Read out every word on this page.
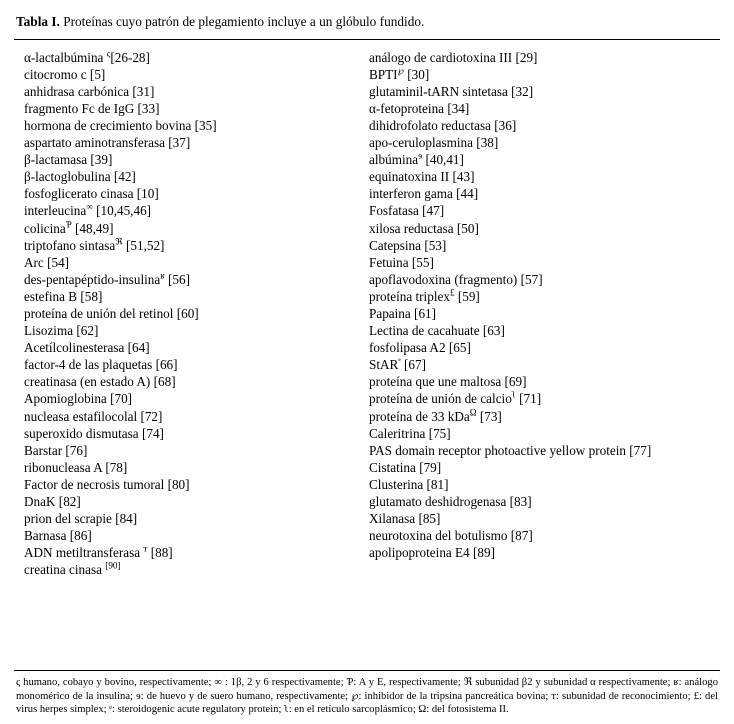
Tabla I. Proteínas cuyo patrón de plegamiento incluye a un glóbulo fundido.
α-lactalbúmina $^\varsigma$[26-28]
citocromo c [5]
anhidrasa carbónica [31]
fragmento Fc de IgG [33]
hormona de crecimiento bovina [35]
aspartato aminotransferasa [37]
β-lactamasa [39]
β-lactoglobulina [42]
fosfoglicerato cinasa [10]
interleucina∞ [10,45,46]
colicina$^Ƥ$ [48,49]
triptofano sintasa$^ℜ$ [51,52]
Arc [54]
des-pentapéptido-insulina$^ʁ$ [56]
estefina B [58]
proteína de unión del retinol [60]
Lisozima [62]
Acetílcolinesterasa [64]
factor-4 de las plaquetas [66]
creatinasa (en estado A) [68]
Apomioglobina [70]
nucleasa estafilocolal [72]
superoxido dismutasa [74]
Barstar [76]
ribonucleasa A [78]
Factor de necrosis tumoral [80]
DnaK [82]
prion del scrapie [84]
Barnasa [86]
ADN metiltransferasa $^т$ [88]
creatina cinasa [90]
análogo de cardiotoxina III [29]
BPTI℘ [30]
glutaminil-tARN sintetasa [32]
α-fetoproteina [34]
dihidrofolato reductasa [36]
apo-ceruloplasmina [38]
albúmina$^ɘ$ [40,41]
equinatoxina II [43]
interferon gama [44]
Fosfatasa [47]
xilosa reductasa [50]
Catepsina [53]
Fetuina [55]
apoflavodoxina (fragmento) [57]
proteína triplex£ [59]
Papaina [61]
Lectina de cacahuate [63]
fosfolipasa A2 [65]
StAR$^ᵉ$ [67]
proteína que une maltosa [69]
proteína de unión de calcio$^ʅ$ [71]
proteína de 33 kDa$^\Omega$ [73]
Caleritrina [75]
PAS domain receptor photoactive yellow protein [77]
Cistatina [79]
Clusterina [81]
glutamato deshidrogenasa [83]
Xilanasa [85]
neurotoxina del botulismo [87]
apolipoproteina E4 [89]
ς humano, cobayo y bovino, respectivamente; ∞ : 1β, 2 y 6 respectivamente; Ƥ: A y E, respectivamente; ℜ subunidad β2 y subunidad α respectivamente; ʁ: análogo monomérico de la insulina; ɘ: de huevo y de suero humano, respectivamente; ℘: inhibidor de la tripsina pancreática bovina; т: subunidad de reconocimiento; £: del virus herpes simplex; ᵉ: steroidogenic acute regulatory protein; ʅ: en el retículo sarcoplásmico; Ω: del fotosistema II.
